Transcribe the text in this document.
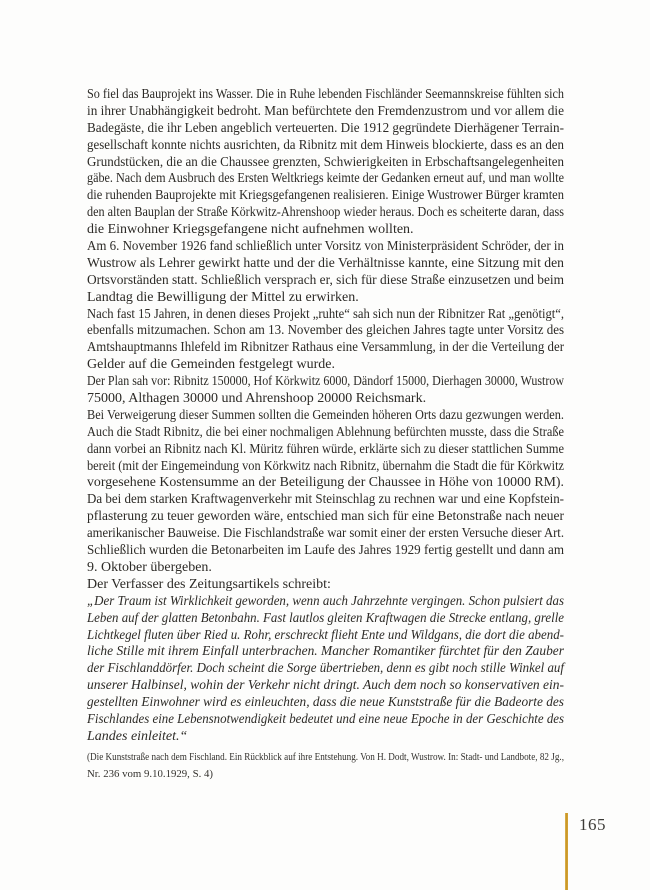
So fiel das Bauprojekt ins Wasser. Die in Ruhe lebenden Fischländer Seemannskreise fühlten sich
in ihrer Unabhängigkeit bedroht. Man befürchtete den Fremdenzustrom und vor allem die
Badegäste, die ihr Leben angeblich verteuerten. Die 1912 gegründete Dierhägener Terrain-
gesellschaft konnte nichts ausrichten, da Ribnitz mit dem Hinweis blockierte, dass es an den
Grundstücken, die an die Chaussee grenzten, Schwierigkeiten in Erbschaftsangelegenheiten
gäbe. Nach dem Ausbruch des Ersten Weltkriegs keimte der Gedanken erneut auf, und man wollte
die ruhenden Bauprojekte mit Kriegsgefangenen realisieren. Einige Wustrower Bürger kramten
den alten Bauplan der Straße Körkwitz-Ahrenshoop wieder heraus. Doch es scheiterte daran, dass
die Einwohner Kriegsgefangene nicht aufnehmen wollten.
Am 6. November 1926 fand schließlich unter Vorsitz von Ministerpräsident Schröder, der in
Wustrow als Lehrer gewirkt hatte und der die Verhältnisse kannte, eine Sitzung mit den
Ortsvorständen statt. Schließlich versprach er, sich für diese Straße einzusetzen und beim
Landtag die Bewilligung der Mittel zu erwirken.
Nach fast 15 Jahren, in denen dieses Projekt „ruhte“ sah sich nun der Ribnitzer Rat „genötigt“,
ebenfalls mitzumachen. Schon am 13. November des gleichen Jahres tagte unter Vorsitz des
Amtshauptmanns Ihlefeld im Ribnitzer Rathaus eine Versammlung, in der die Verteilung der
Gelder auf die Gemeinden festgelegt wurde.
Der Plan sah vor: Ribnitz 150000, Hof Körkwitz 6000, Dändorf 15000, Dierhagen 30000, Wustrow
75000, Althagen 30000 und Ahrenshoop 20000 Reichsmark.
Bei Verweigerung dieser Summen sollten die Gemeinden höheren Orts dazu gezwungen werden.
Auch die Stadt Ribnitz, die bei einer nochmaligen Ablehnung befürchten musste, dass die Straße
dann vorbei an Ribnitz nach Kl. Müritz führen würde, erklärte sich zu dieser stattlichen Summe
bereit (mit der Eingemeindung von Körkwitz nach Ribnitz, übernahm die Stadt die für Körkwitz
vorgesehene Kostensumme an der Beteiligung der Chaussee in Höhe von 10000 RM).
Da bei dem starken Kraftwagenverkehr mit Steinschlag zu rechnen war und eine Kopfstein-
pflasterung zu teuer geworden wäre, entschied man sich für eine Betonstraße nach neuer
amerikanischer Bauweise. Die Fischlandstraße war somit einer der ersten Versuche dieser Art.
Schließlich wurden die Betonarbeiten im Laufe des Jahres 1929 fertig gestellt und dann am
9. Oktober übergeben.
Der Verfasser des Zeitungsartikels schreibt:
„Der Traum ist Wirklichkeit geworden, wenn auch Jahrzehnte vergingen. Schon pulsiert das
Leben auf der glatten Betonbahn. Fast lautlos gleiten Kraftwagen die Strecke entlang, grelle
Lichtkegel fluten über Ried u. Rohr, erschreckt flieht Ente und Wildgans, die dort die abend-
liche Stille mit ihrem Einfall unterbrachen. Mancher Romantiker fürchtet für den Zauber
der Fischlanddörfer. Doch scheint die Sorge übertrieben, denn es gibt noch stille Winkel auf
unserer Halbinsel, wohin der Verkehr nicht dringt. Auch dem noch so konservativen ein-
gestellten Einwohner wird es einleuchten, dass die neue Kunststraße für die Badeorte des
Fischlandes eine Lebensnotwendigkeit bedeutet und eine neue Epoche in der Geschichte des
Landes einleitet.“
(Die Kunststraße nach dem Fischland. Ein Rückblick auf ihre Entstehung. Von H. Dodt, Wustrow. In: Stadt- und Landbote, 82 Jg.,
Nr. 236 vom 9.10.1929, S. 4)
165
